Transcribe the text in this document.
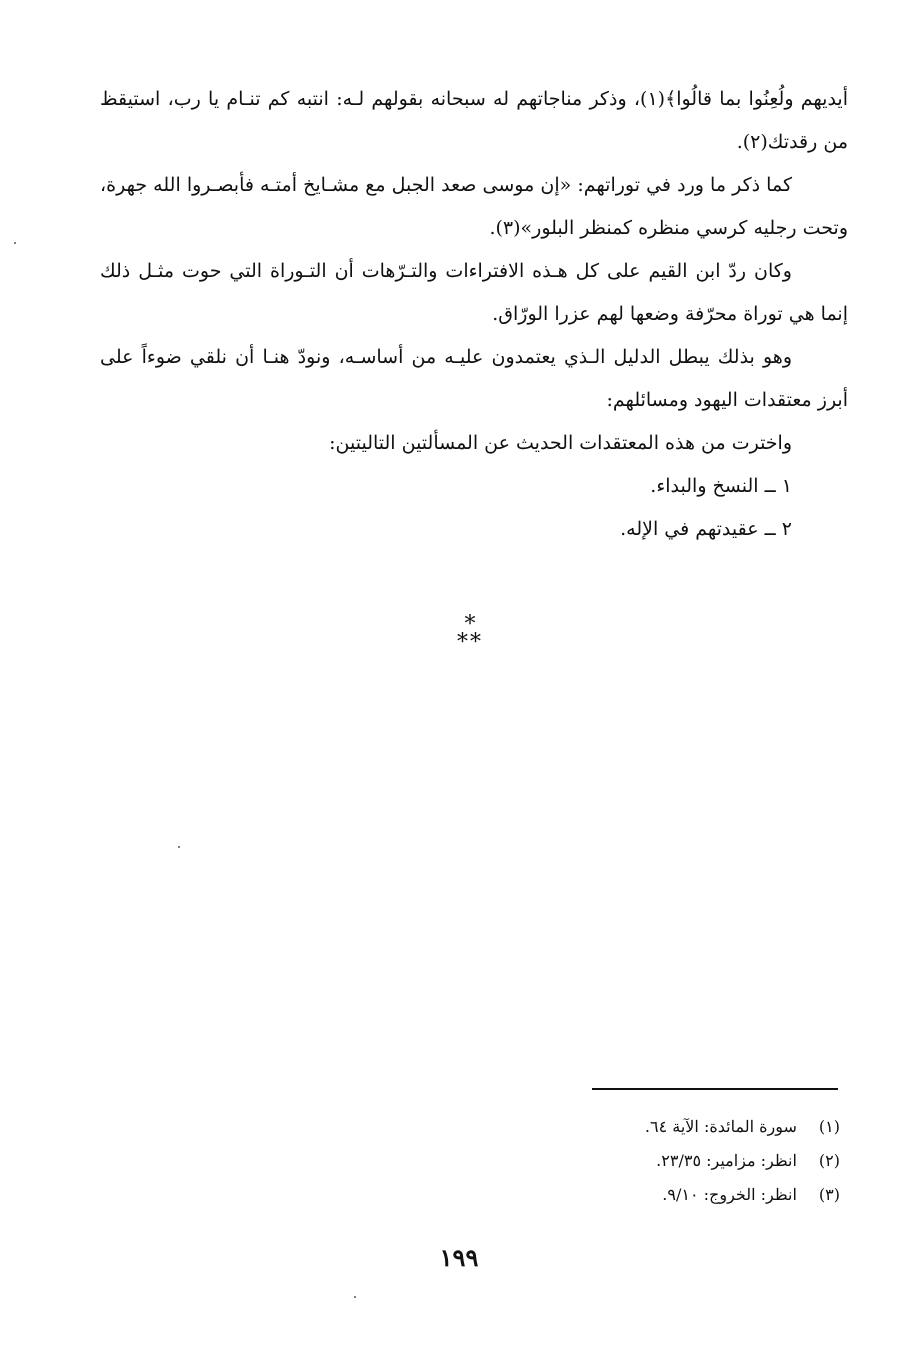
أيديهم ولُعِنُوا بما قالُوا﴾(١)، وذكر مناجاتهم له سبحانه بقولهم لـه: انتبه كم تنـام يا رب، استيقظ من رقدتك(٢).

كما ذكر ما ورد في توراتهم: «إن موسى صعد الجبل مع مشـايخ أمتـه فأبصـروا الله جهرة، وتحت رجليه كرسي منظره كمنظر البلور»(٣).

وكان ردّ ابن القيم على كل هـذه الافتراءات والتـرّهات أن التـوراة التي حوت مثـل ذلك إنما هي توراة محرّفة وضعها لهم عزرا الورّاق.

وهو بذلك يبطل الدليل الـذي يعتمدون عليـه من أساسـه، ونودّ هنـا أن نلقي ضوءاً على أبرز معتقدات اليهود ومسائلهم:

واخترت من هذه المعتقدات الحديث عن المسألتين التاليتين:

١ ــ النسخ والبداء.

٢ ــ عقيدتهم في الإله.

*
**
(١) سورة المائدة: الآية ٦٤.
(٢) انظر: مزامير: ٢٣/٣٥.
(٣) انظر: الخروج: ٩/١٠.
١٩٩
